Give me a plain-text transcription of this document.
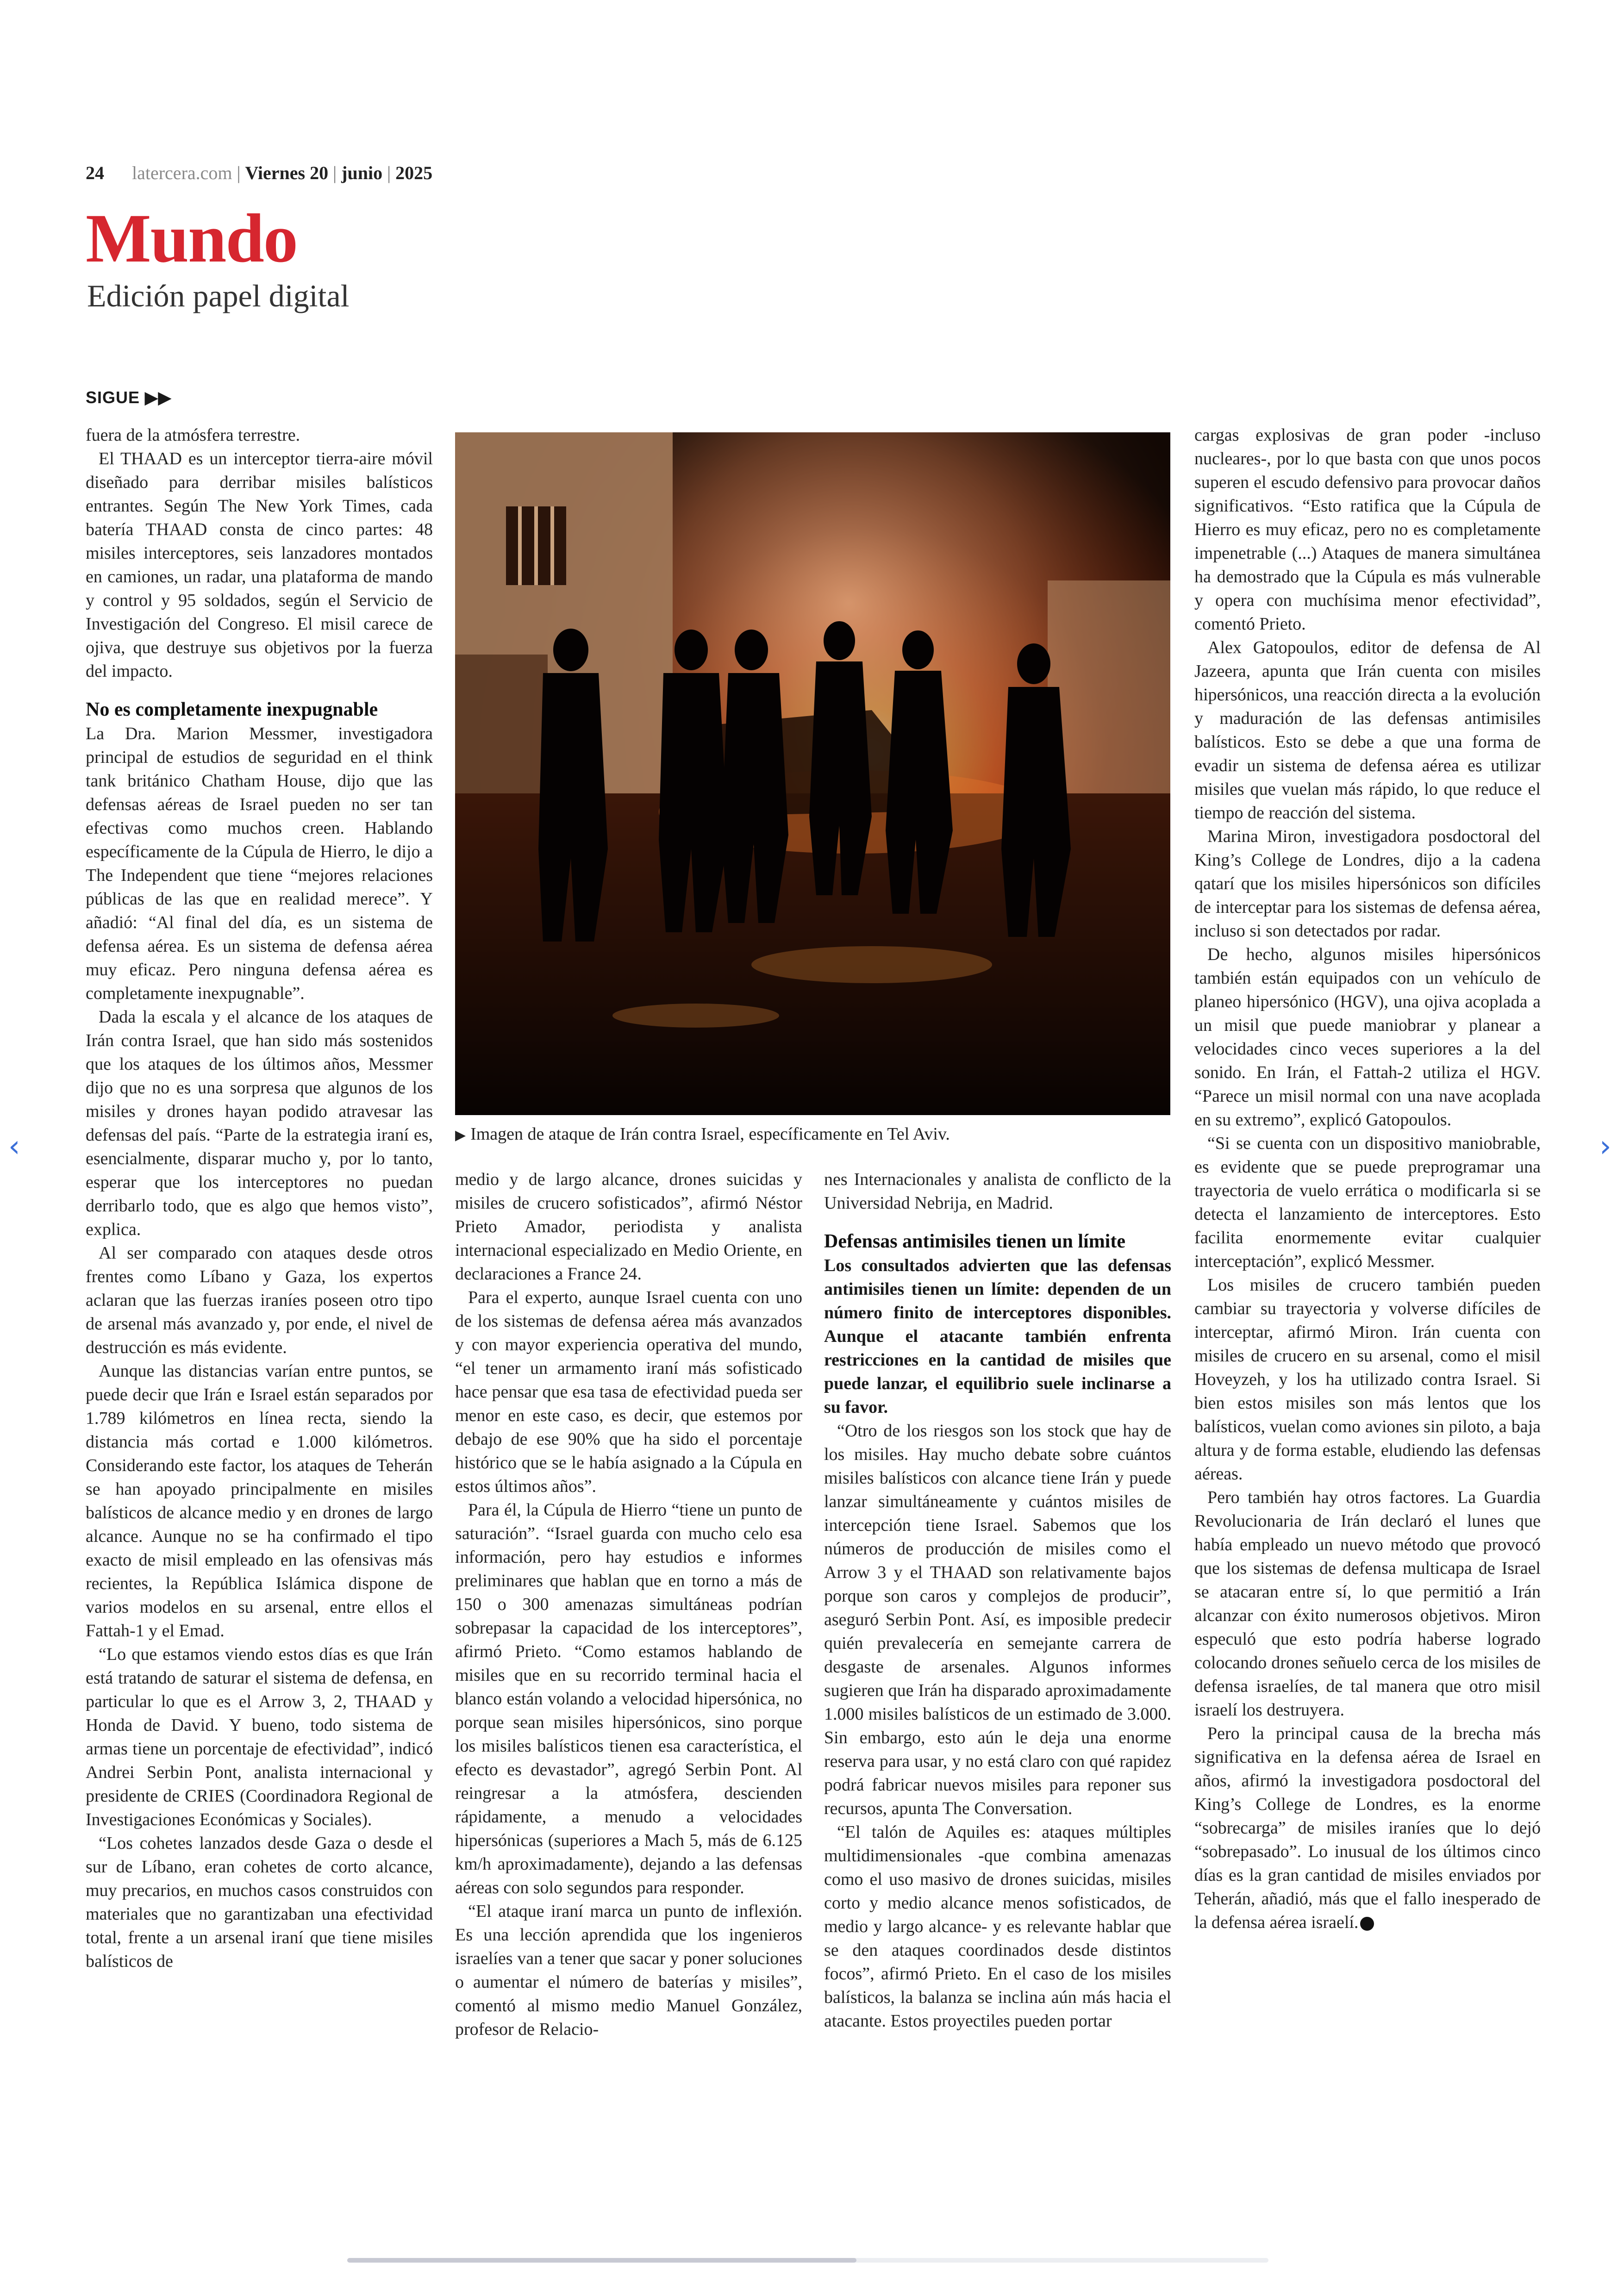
24 latercera.com | Viernes 20 | junio | 2025
Mundo
Edición papel digital
SIGUE ▶▶

fuera de la atmósfera terrestre.

El THAAD es un interceptor tierra-aire móvil diseñado para derribar misiles balísticos entrantes. Según The New York Times, cada batería THAAD consta de cinco partes: 48 misiles interceptores, seis lanzadores montados en camiones, un radar, una plataforma de mando y control y 95 soldados, según el Servicio de Investigación del Congreso. El misil carece de ojiva, que destruye sus objetivos por la fuerza del impacto.

No es completamente inexpugnable

La Dra. Marion Messmer, investigadora principal de estudios de seguridad en el think tank británico Chatham House, dijo que las defensas aéreas de Israel pueden no ser tan efectivas como muchos creen. Hablando específicamente de la Cúpula de Hierro, le dijo a The Independent que tiene “mejores relaciones públicas de las que en realidad merece”. Y añadió: “Al final del día, es un sistema de defensa aérea. Es un sistema de defensa aérea muy eficaz. Pero ninguna defensa aérea es completamente inexpugnable”.

Dada la escala y el alcance de los ataques de Irán contra Israel, que han sido más sostenidos que los ataques de los últimos años, Messmer dijo que no es una sorpresa que algunos de los misiles y drones hayan podido atravesar las defensas del país. “Parte de la estrategia iraní es, esencialmente, disparar mucho y, por lo tanto, esperar que los interceptores no puedan derribarlo todo, que es algo que hemos visto”, explica.

Al ser comparado con ataques desde otros frentes como Líbano y Gaza, los expertos aclaran que las fuerzas iraníes poseen otro tipo de arsenal más avanzado y, por ende, el nivel de destrucción es más evidente.

Aunque las distancias varían entre puntos, se puede decir que Irán e Israel están separados por 1.789 kilómetros en línea recta, siendo la distancia más cortad e 1.000 kilómetros. Considerando este factor, los ataques de Teherán se han apoyado principalmente en misiles balísticos de alcance medio y en drones de largo alcance. Aunque no se ha confirmado el tipo exacto de misil empleado en las ofensivas más recientes, la República Islámica dispone de varios modelos en su arsenal, entre ellos el Fattah-1 y el Emad.

“Lo que estamos viendo estos días es que Irán está tratando de saturar el sistema de defensa, en particular lo que es el Arrow 3, 2, THAAD y Honda de David. Y bueno, todo sistema de armas tiene un porcentaje de efectividad”, indicó Andrei Serbin Pont, analista internacional y presidente de CRIES (Coordinadora Regional de Investigaciones Económicas y Sociales).

“Los cohetes lanzados desde Gaza o desde el sur de Líbano, eran cohetes de corto alcance, muy precarios, en muchos casos construidos con materiales que no garantizaban una efectividad total, frente a un arsenal iraní que tiene misiles balísticos de

▶ Imagen de ataque de Irán contra Israel, específicamente en Tel Aviv.

medio y de largo alcance, drones suicidas y misiles de crucero sofisticados”, afirmó Néstor Prieto Amador, periodista y analista internacional especializado en Medio Oriente, en declaraciones a France 24.

Para el experto, aunque Israel cuenta con uno de los sistemas de defensa aérea más avanzados y con mayor experiencia operativa del mundo, “el tener un armamento iraní más sofisticado hace pensar que esa tasa de efectividad pueda ser menor en este caso, es decir, que estemos por debajo de ese 90% que ha sido el porcentaje histórico que se le había asignado a la Cúpula en estos últimos años”.

Para él, la Cúpula de Hierro “tiene un punto de saturación”. “Israel guarda con mucho celo esa información, pero hay estudios e informes preliminares que hablan que en torno a más de 150 o 300 amenazas simultáneas podrían sobrepasar la capacidad de los interceptores”, afirmó Prieto. “Como estamos hablando de misiles que en su recorrido terminal hacia el blanco están volando a velocidad hipersónica, no porque sean misiles hipersónicos, sino porque los misiles balísticos tienen esa característica, el efecto es devastador”, agregó Serbin Pont. Al reingresar a la atmósfera, descienden rápidamente, a menudo a velocidades hipersónicas (superiores a Mach 5, más de 6.125 km/h aproximadamente), dejando a las defensas aéreas con solo segundos para responder.

“El ataque iraní marca un punto de inflexión. Es una lección aprendida que los ingenieros israelíes van a tener que sacar y poner soluciones o aumentar el número de baterías y misiles”, comentó al mismo medio Manuel González, profesor de Relacio-

nes Internacionales y analista de conflicto de la Universidad Nebrija, en Madrid.

Defensas antimisiles tienen un límite

Los consultados advierten que las defensas antimisiles tienen un límite: dependen de un número finito de interceptores disponibles. Aunque el atacante también enfrenta restricciones en la cantidad de misiles que puede lanzar, el equilibrio suele inclinarse a su favor.

“Otro de los riesgos son los stock que hay de los misiles. Hay mucho debate sobre cuántos misiles balísticos con alcance tiene Irán y puede lanzar simultáneamente y cuántos misiles de intercepción tiene Israel. Sabemos que los números de producción de misiles como el Arrow 3 y el THAAD son relativamente bajos porque son caros y complejos de producir”, aseguró Serbin Pont. Así, es imposible predecir quién prevalecería en semejante carrera de desgaste de arsenales. Algunos informes sugieren que Irán ha disparado aproximadamente 1.000 misiles balísticos de un estimado de 3.000. Sin embargo, esto aún le deja una enorme reserva para usar, y no está claro con qué rapidez podrá fabricar nuevos misiles para reponer sus recursos, apunta The Conversation.

“El talón de Aquiles es: ataques múltiples multidimensionales -que combina amenazas como el uso masivo de drones suicidas, misiles corto y medio alcance menos sofisticados, de medio y largo alcance- y es relevante hablar que se den ataques coordinados desde distintos focos”, afirmó Prieto. En el caso de los misiles balísticos, la balanza se inclina aún más hacia el atacante. Estos proyectiles pueden portar

cargas explosivas de gran poder -incluso nucleares-, por lo que basta con que unos pocos superen el escudo defensivo para provocar daños significativos. “Esto ratifica que la Cúpula de Hierro es muy eficaz, pero no es completamente impenetrable (...) Ataques de manera simultánea ha demostrado que la Cúpula es más vulnerable y opera con muchísima menor efectividad”, comentó Prieto.

Alex Gatopoulos, editor de defensa de Al Jazeera, apunta que Irán cuenta con misiles hipersónicos, una reacción directa a la evolución y maduración de las defensas antimisiles balísticos. Esto se debe a que una forma de evadir un sistema de defensa aérea es utilizar misiles que vuelan más rápido, lo que reduce el tiempo de reacción del sistema.

Marina Miron, investigadora posdoctoral del King’s College de Londres, dijo a la cadena qatarí que los misiles hipersónicos son difíciles de interceptar para los sistemas de defensa aérea, incluso si son detectados por radar.

De hecho, algunos misiles hipersónicos también están equipados con un vehículo de planeo hipersónico (HGV), una ojiva acoplada a un misil que puede maniobrar y planear a velocidades cinco veces superiores a la del sonido. En Irán, el Fattah-2 utiliza el HGV. “Parece un misil normal con una nave acoplada en su extremo”, explicó Gatopoulos.

“Si se cuenta con un dispositivo maniobrable, es evidente que se puede preprogramar una trayectoria de vuelo errática o modificarla si se detecta el lanzamiento de interceptores. Esto facilita enormemente evitar cualquier interceptación”, explicó Messmer.

Los misiles de crucero también pueden cambiar su trayectoria y volverse difíciles de interceptar, afirmó Miron. Irán cuenta con misiles de crucero en su arsenal, como el misil Hoveyzeh, y los ha utilizado contra Israel. Si bien estos misiles son más lentos que los balísticos, vuelan como aviones sin piloto, a baja altura y de forma estable, eludiendo las defensas aéreas.

Pero también hay otros factores. La Guardia Revolucionaria de Irán declaró el lunes que había empleado un nuevo método que provocó que los sistemas de defensa multicapa de Israel se atacaran entre sí, lo que permitió a Irán alcanzar con éxito numerosos objetivos. Miron especuló que esto podría haberse logrado colocando drones señuelo cerca de los misiles de defensa israelíes, de tal manera que otro misil israelí los destruyera.

Pero la principal causa de la brecha más significativa en la defensa aérea de Israel en años, afirmó la investigadora posdoctoral del King’s College de Londres, es la enorme “sobrecarga” de misiles iraníes que lo dejó “sobrepasado”. Lo inusual de los últimos cinco días es la gran cantidad de misiles enviados por Teherán, añadió, más que el fallo inesperado de la defensa aérea israelí.

‹	›
